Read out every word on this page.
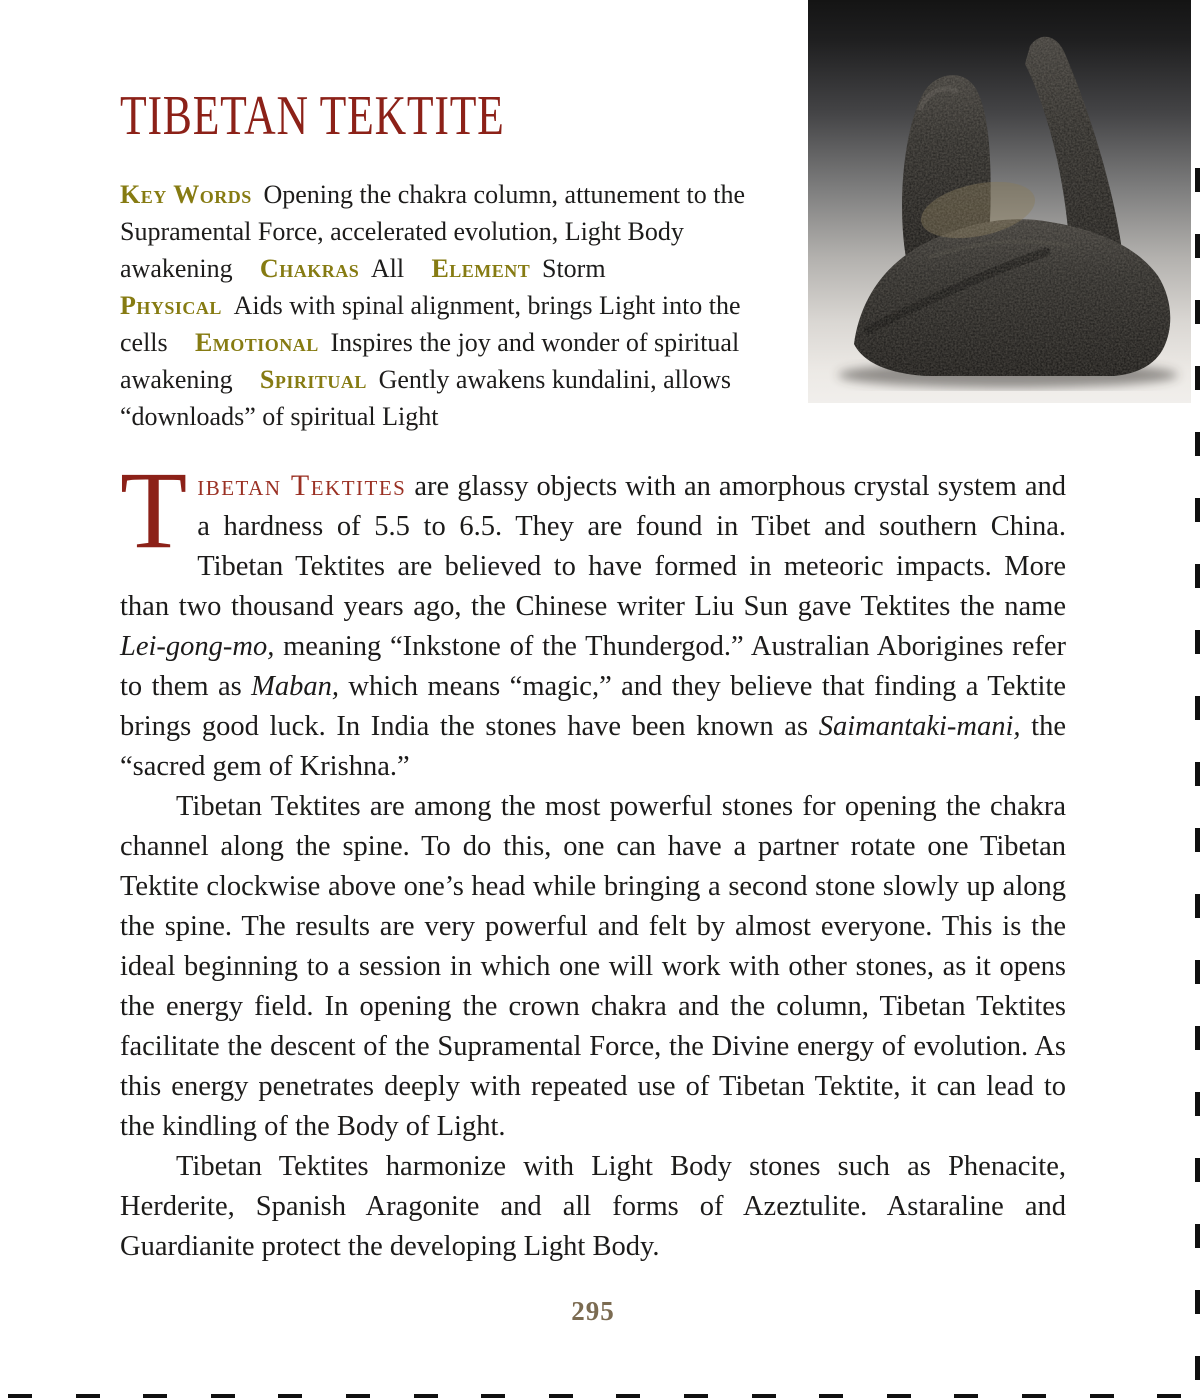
TIBETAN TEKTITE

Key Words Opening the chakra column, attunement to the Supramental Force, accelerated evolution, Light Body awakening Chakras All Element Storm Physical Aids with spinal alignment, brings Light into the cells Emotional Inspires the joy and wonder of spiritual awakening Spiritual Gently awakens kundalini, allows “downloads” of spiritual Light

Tibetan Tektites are glassy objects with an amorphous crystal system and a hardness of 5.5 to 6.5. They are found in Tibet and southern China. Tibetan Tektites are believed to have formed in meteoric impacts. More than two thousand years ago, the Chinese writer Liu Sun gave Tektites the name Lei-gong-mo, meaning “Inkstone of the Thundergod.” Australian Aborigines refer to them as Maban, which means “magic,” and they believe that finding a Tektite brings good luck. In India the stones have been known as Saimantaki-mani, the “sacred gem of Krishna.”

Tibetan Tektites are among the most powerful stones for opening the chakra channel along the spine. To do this, one can have a partner rotate one Tibetan Tektite clockwise above one’s head while bringing a second stone slowly up along the spine. The results are very powerful and felt by almost everyone. This is the ideal beginning to a session in which one will work with other stones, as it opens the energy field. In opening the crown chakra and the column, Tibetan Tektites facilitate the descent of the Supramental Force, the Divine energy of evolution. As this energy penetrates deeply with repeated use of Tibetan Tektite, it can lead to the kindling of the Body of Light.

Tibetan Tektites harmonize with Light Body stones such as Phenacite, Herderite, Spanish Aragonite and all forms of Azeztulite. Astaraline and Guardianite protect the developing Light Body.

295
